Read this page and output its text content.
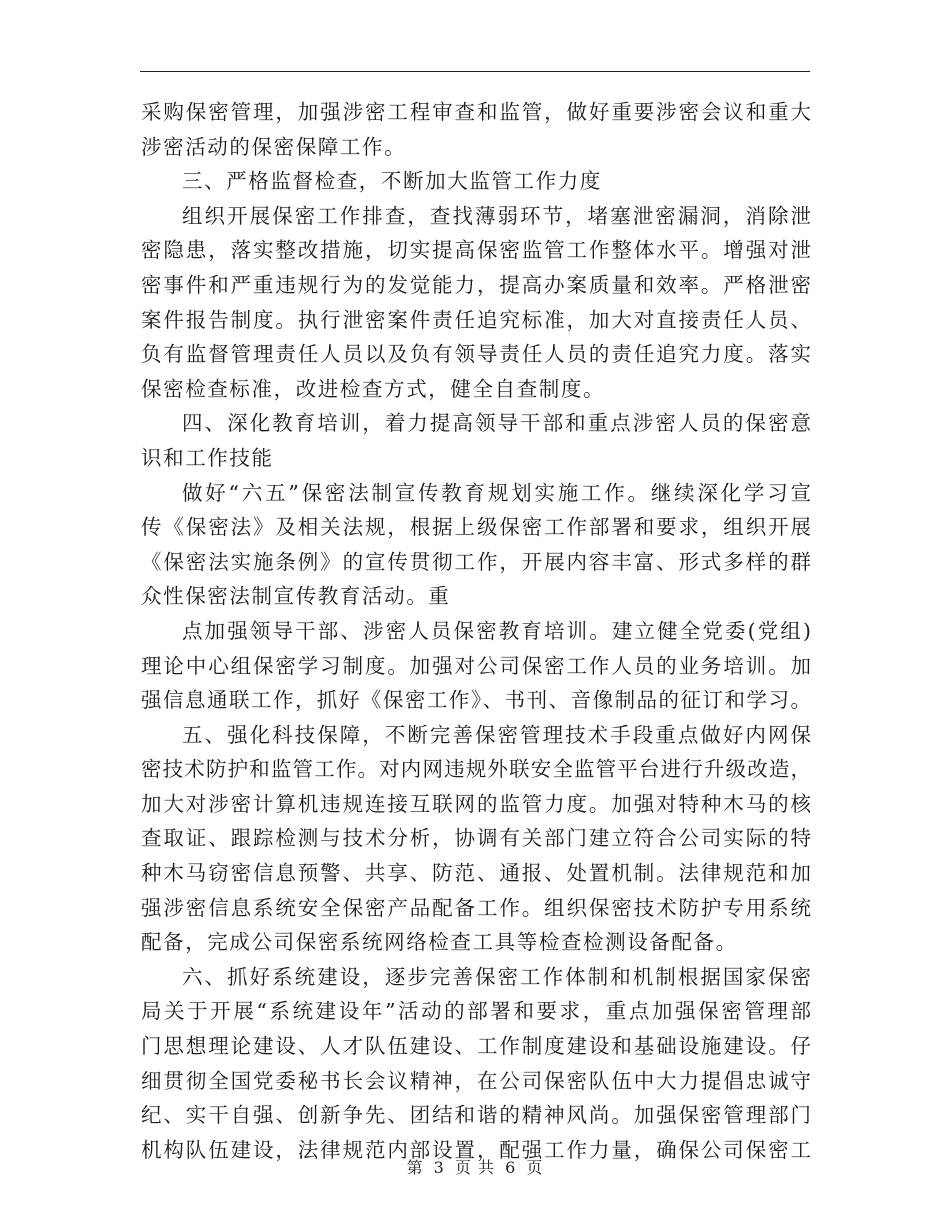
采购保密管理，加强涉密工程审查和监管，做好重要涉密会议和重大
涉密活动的保密保障工作。
三、严格监督检查，不断加大监管工作力度
组织开展保密工作排查，查找薄弱环节，堵塞泄密漏洞，消除泄
密隐患，落实整改措施，切实提高保密监管工作整体水平。增强对泄
密事件和严重违规行为的发觉能力，提高办案质量和效率。严格泄密
案件报告制度。执行泄密案件责任追究标准，加大对直接责任人员、
负有监督管理责任人员以及负有领导责任人员的责任追究力度。落实
保密检查标准，改进检查方式，健全自查制度。
四、深化教育培训，着力提高领导干部和重点涉密人员的保密意
识和工作技能
做好“六五”保密法制宣传教育规划实施工作。继续深化学习宣
传《保密法》及相关法规，根据上级保密工作部署和要求，组织开展
《保密法实施条例》的宣传贯彻工作，开展内容丰富、形式多样的群
众性保密法制宣传教育活动。重
点加强领导干部、涉密人员保密教育培训。建立健全党委(党组)
理论中心组保密学习制度。加强对公司保密工作人员的业务培训。加
强信息通联工作，抓好《保密工作》、书刊、音像制品的征订和学习。
五、强化科技保障，不断完善保密管理技术手段重点做好内网保
密技术防护和监管工作。对内网违规外联安全监管平台进行升级改造，
加大对涉密计算机违规连接互联网的监管力度。加强对特种木马的核
查取证、跟踪检测与技术分析，协调有关部门建立符合公司实际的特
种木马窃密信息预警、共享、防范、通报、处置机制。法律规范和加
强涉密信息系统安全保密产品配备工作。组织保密技术防护专用系统
配备，完成公司保密系统网络检查工具等检查检测设备配备。
六、抓好系统建设，逐步完善保密工作体制和机制根据国家保密
局关于开展“系统建设年”活动的部署和要求，重点加强保密管理部
门思想理论建设、人才队伍建设、工作制度建设和基础设施建设。仔
细贯彻全国党委秘书长会议精神，在公司保密队伍中大力提倡忠诚守
纪、实干自强、创新争先、团结和谐的精神风尚。加强保密管理部门
机构队伍建设，法律规范内部设置，配强工作力量，确保公司保密工
第 3 页 共 6 页
